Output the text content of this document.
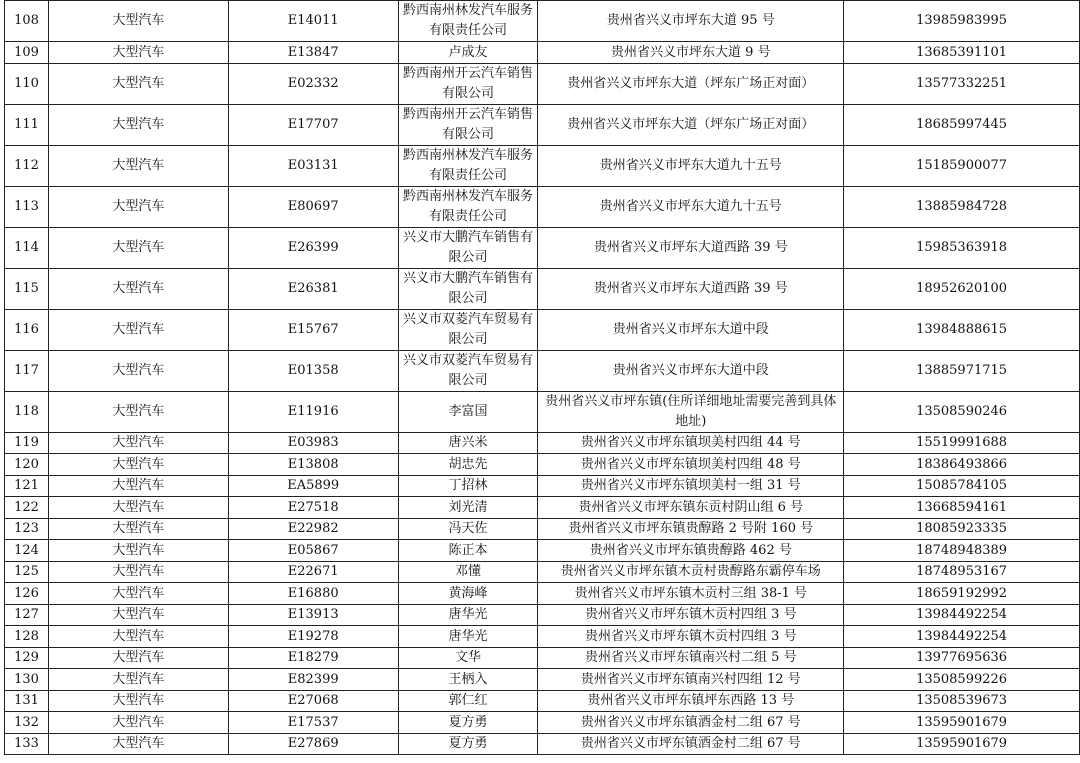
108	大型汽车	E14011	黔西南州林发汽车服务有限责任公司	贵州省兴义市坪东大道 95 号	13985983995
109	大型汽车	E13847	卢成友	贵州省兴义市坪东大道 9 号	13685391101
110	大型汽车	E02332	黔西南州开云汽车销售有限公司	贵州省兴义市坪东大道（坪东广场正对面）	13577332251
111	大型汽车	E17707	黔西南州开云汽车销售有限公司	贵州省兴义市坪东大道（坪东广场正对面）	18685997445
112	大型汽车	E03131	黔西南州林发汽车服务有限责任公司	贵州省兴义市坪东大道九十五号	15185900077
113	大型汽车	E80697	黔西南州林发汽车服务有限责任公司	贵州省兴义市坪东大道九十五号	13885984728
114	大型汽车	E26399	兴义市大鹏汽车销售有限公司	贵州省兴义市坪东大道西路 39 号	15985363918
115	大型汽车	E26381	兴义市大鹏汽车销售有限公司	贵州省兴义市坪东大道西路 39 号	18952620100
116	大型汽车	E15767	兴义市双菱汽车贸易有限公司	贵州省兴义市坪东大道中段	13984888615
117	大型汽车	E01358	兴义市双菱汽车贸易有限公司	贵州省兴义市坪东大道中段	13885971715
118	大型汽车	E11916	李富国	贵州省兴义市坪东镇(住所详细地址需要完善到具体地址)	13508590246
119	大型汽车	E03983	唐兴米	贵州省兴义市坪东镇坝美村四组 44 号	15519991688
120	大型汽车	E13808	胡忠先	贵州省兴义市坪东镇坝美村四组 48 号	18386493866
121	大型汽车	EA5899	丁招林	贵州省兴义市坪东镇坝美村一组 31 号	15085784105
122	大型汽车	E27518	刘光清	贵州省兴义市坪东镇东贡村阴山组 6 号	13668594161
123	大型汽车	E22982	冯天佐	贵州省兴义市坪东镇贵醇路 2 号附 160 号	18085923335
124	大型汽车	E05867	陈正本	贵州省兴义市坪东镇贵醇路 462 号	18748948389
125	大型汽车	E22671	邓懂	贵州省兴义市坪东镇木贡村贵醇路东霸停车场	18748953167
126	大型汽车	E16880	黄海峰	贵州省兴义市坪东镇木贡村三组 38-1 号	18659192992
127	大型汽车	E13913	唐华光	贵州省兴义市坪东镇木贡村四组 3 号	13984492254
128	大型汽车	E19278	唐华光	贵州省兴义市坪东镇木贡村四组 3 号	13984492254
129	大型汽车	E18279	文华	贵州省兴义市坪东镇南兴村二组 5 号	13977695636
130	大型汽车	E82399	王柄入	贵州省兴义市坪东镇南兴村四组 12 号	13508599226
131	大型汽车	E27068	郭仁红	贵州省兴义市坪东镇坪东西路 13 号	13508539673
132	大型汽车	E17537	夏方勇	贵州省兴义市坪东镇酒金村二组 67 号	13595901679
133	大型汽车	E27869	夏方勇	贵州省兴义市坪东镇酒金村二组 67 号	13595901679
